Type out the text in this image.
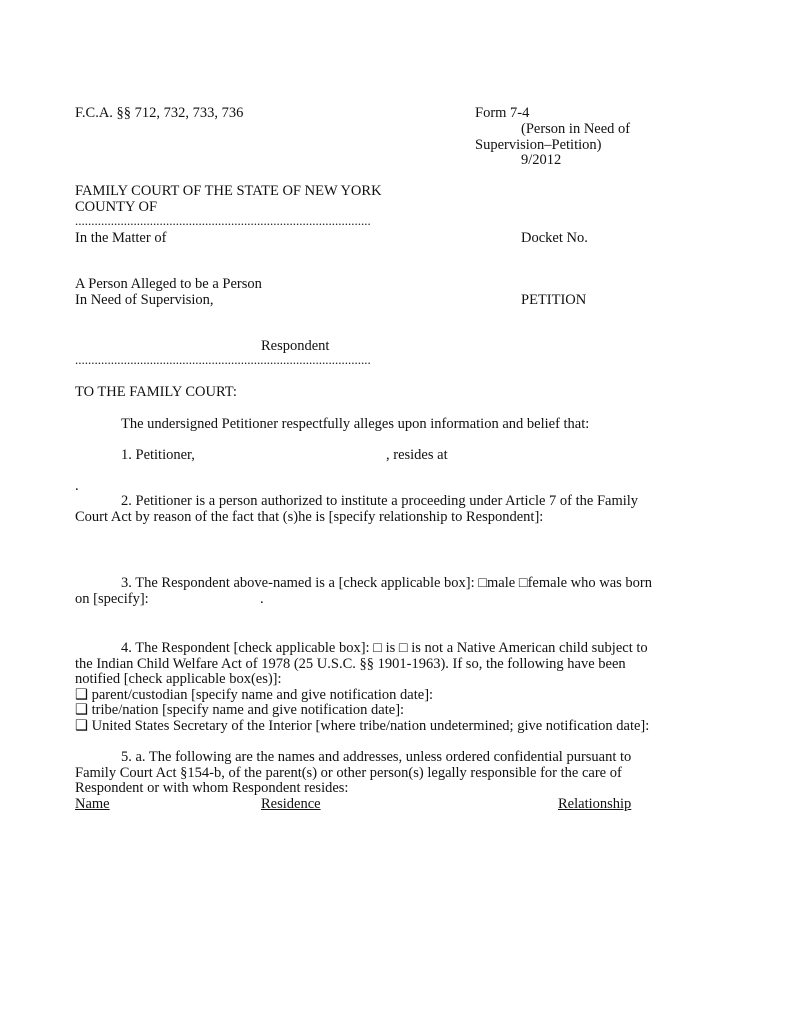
F.C.A. §§ 712, 732, 733, 736	Form 7-4
(Person in Need of
Supervision–Petition)
9/2012
FAMILY COURT OF THE STATE OF NEW YORK
COUNTY OF
...........................................................................................
In the Matter of	Docket No.
A Person Alleged to be a Person
In Need of Supervision,	PETITION
Respondent
...........................................................................................
TO THE FAMILY COURT:
The undersigned Petitioner respectfully alleges upon information and belief that:
1. Petitioner,	, resides at
.
2. Petitioner is a person authorized to institute a proceeding under Article 7 of the Family
Court Act by reason of the fact that (s)he is [specify relationship to Respondent]:
3. The Respondent above-named is a [check applicable box]: □male □female who was born
on [specify]:	.
4. The Respondent [check applicable box]: □ is □ is not a Native American child subject to
the Indian Child Welfare Act of 1978 (25 U.S.C. §§ 1901-1963). If so, the following have been
notified [check applicable box(es)]:
❑ parent/custodian [specify name and give notification date]:
❑ tribe/nation [specify name and give notification date]:
❑ United States Secretary of the Interior [where tribe/nation undetermined; give notification date]:
5. a. The following are the names and addresses, unless ordered confidential pursuant to
Family Court Act §154-b, of the parent(s) or other person(s) legally responsible for the care of
Respondent or with whom Respondent resides:
Name	Residence	Relationship
